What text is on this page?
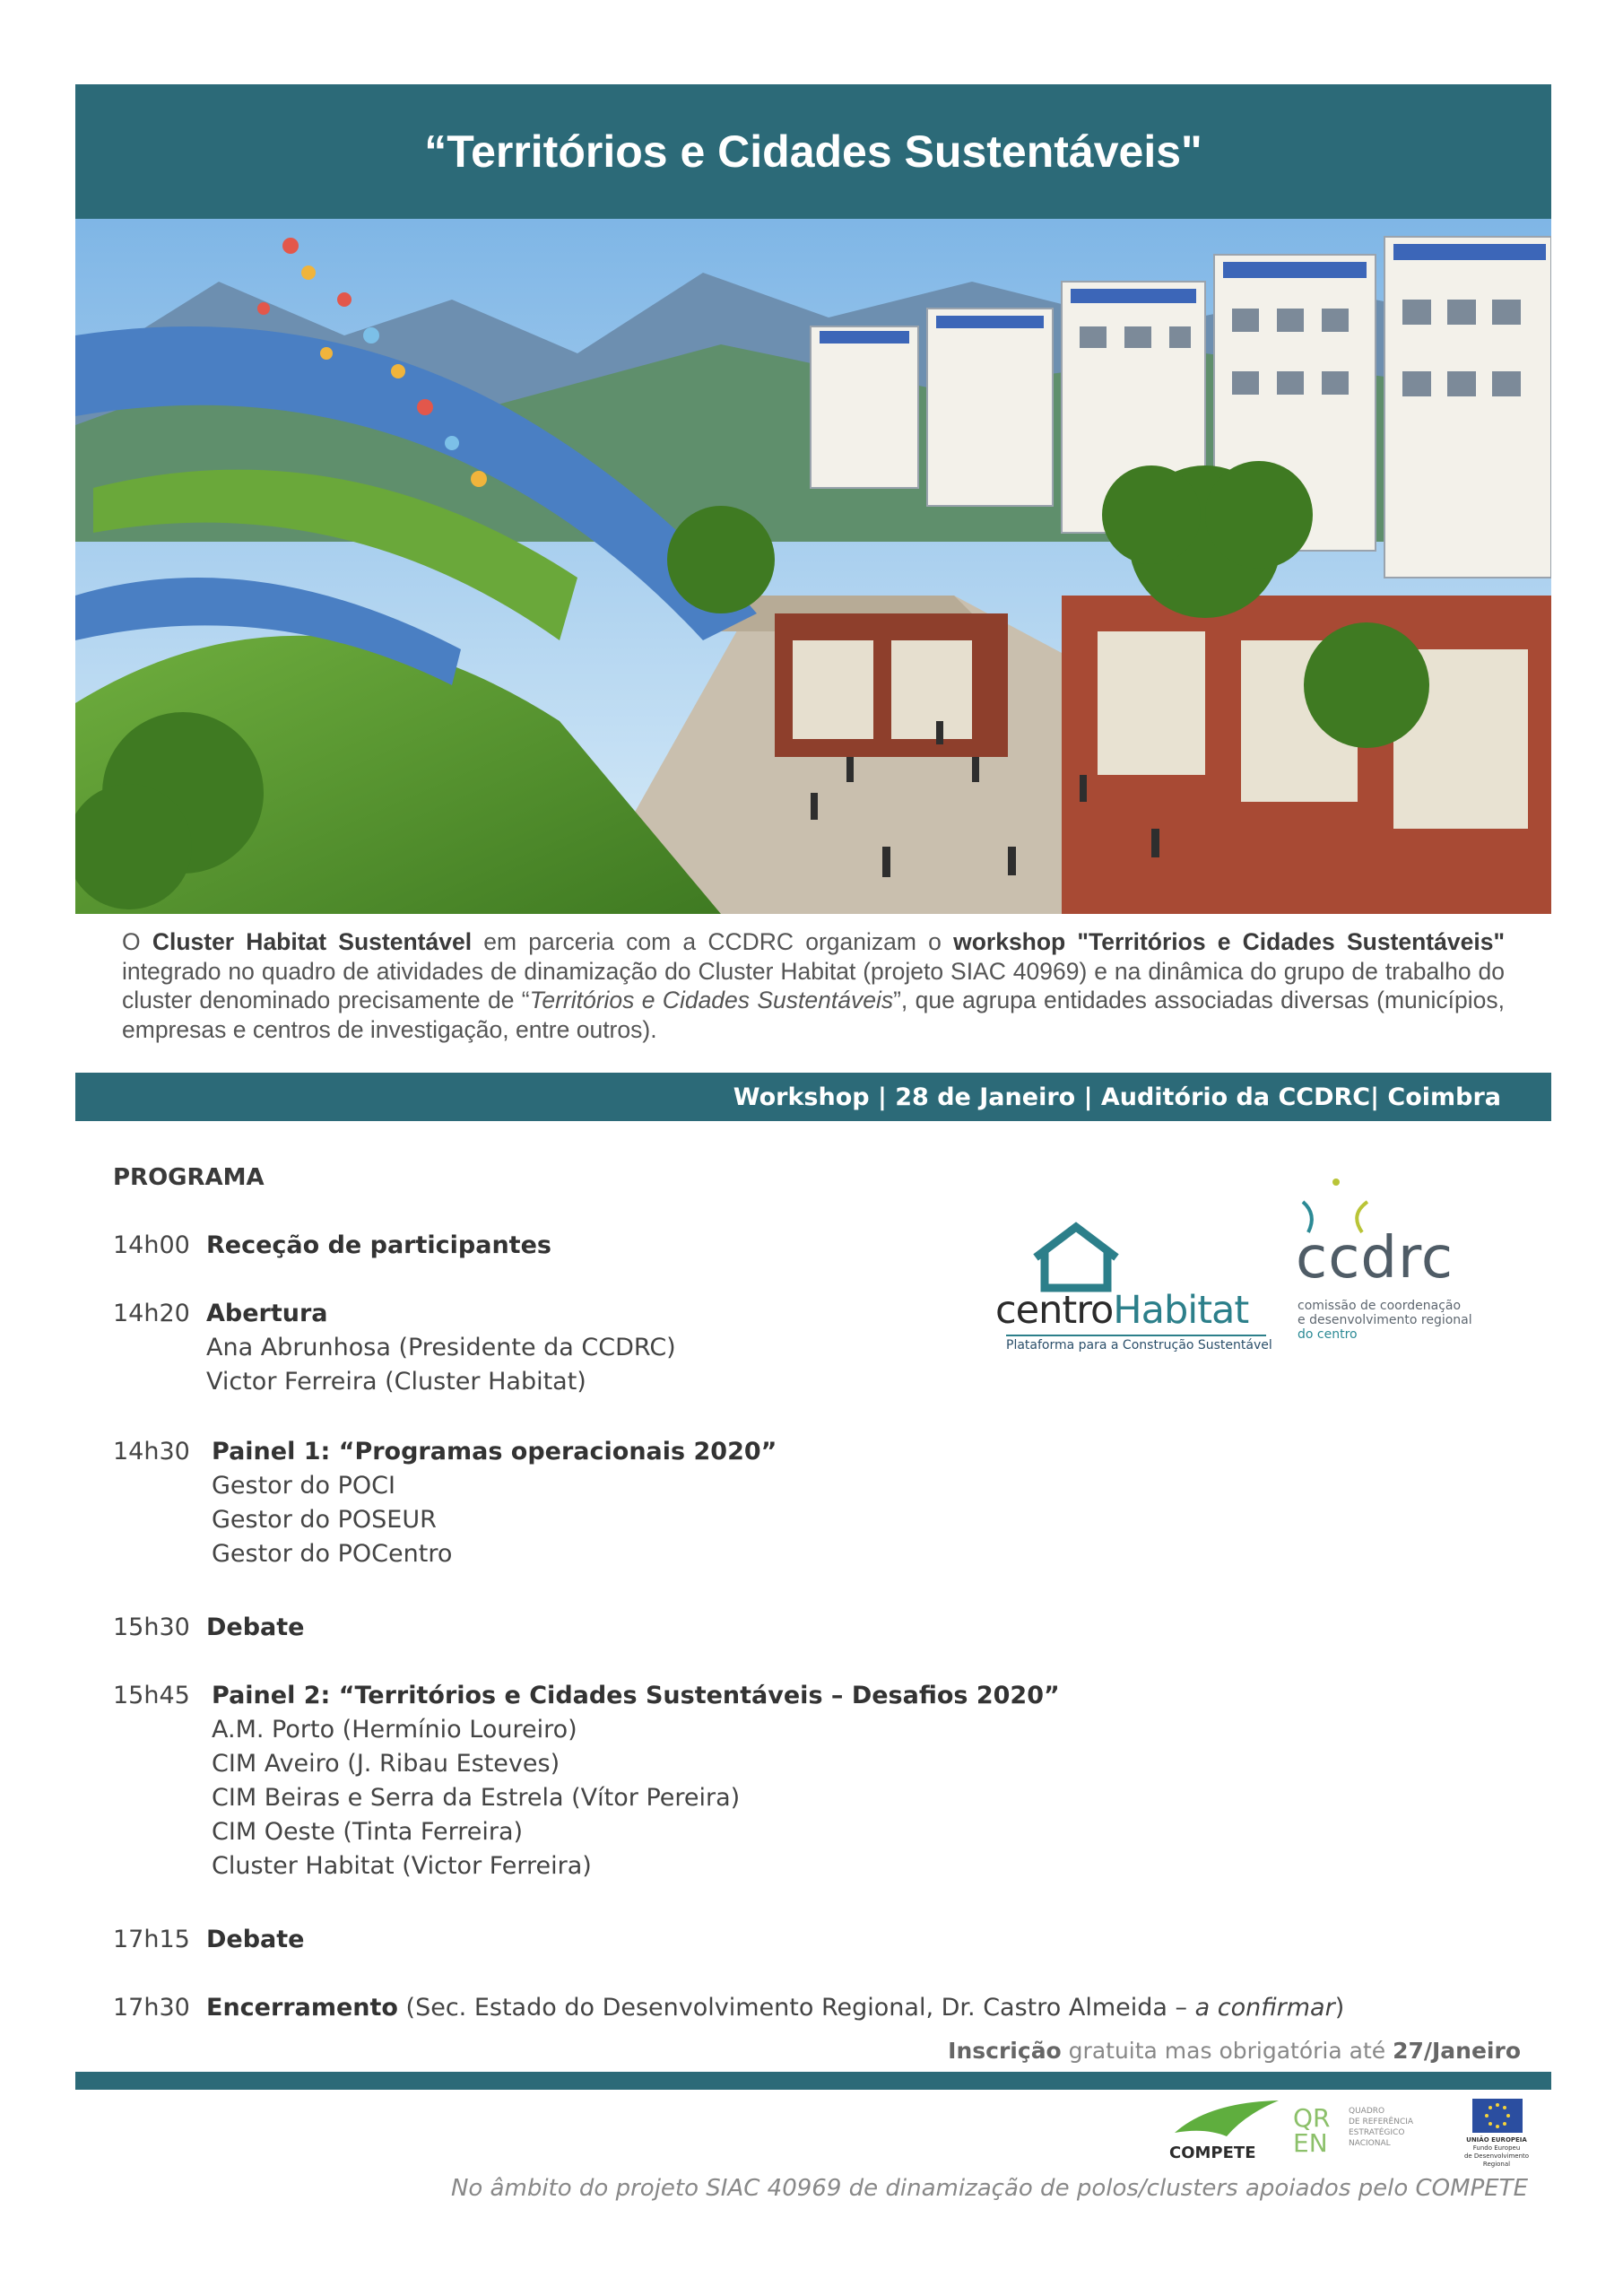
“Territórios e Cidades Sustentáveis"
O Cluster Habitat Sustentável em parceria com a CCDRC organizam o workshop "Territórios e Cidades Sustentáveis" integrado no quadro de atividades de dinamização do Cluster Habitat (projeto SIAC 40969) e na dinâmica do grupo de trabalho do cluster denominado precisamente de “Territórios e Cidades Sustentáveis”, que agrupa entidades associadas diversas (municípios, empresas e centros de investigação, entre outros).
Workshop | 28 de Janeiro | Auditório da CCDRC| Coimbra
PROGRAMA
14h00 Receção de participantes
14h20 Abertura
Ana Abrunhosa (Presidente da CCDRC)
Victor Ferreira (Cluster Habitat)
14h30 Painel 1: “Programas operacionais 2020”
Gestor do POCI
Gestor do POSEUR
Gestor do POCentro
15h30 Debate
15h45 Painel 2: “Territórios e Cidades Sustentáveis – Desafios 2020”
A.M. Porto (Hermínio Loureiro)
CIM Aveiro (J. Ribau Esteves)
CIM Beiras e Serra da Estrela (Vítor Pereira)
CIM Oeste (Tinta Ferreira)
Cluster Habitat (Victor Ferreira)
17h15 Debate
17h30 Encerramento (Sec. Estado do Desenvolvimento Regional, Dr. Castro Almeida – a confirmar)
centroHabitat
Plataforma para a Construção Sustentável
ccdrc
comissão de coordenação
e desenvolvimento regional
do centro
Inscrição gratuita mas obrigatória até 27/Janeiro
COMPETE
QREN
QUADRO
DE REFERÊNCIA
ESTRATÉGICO
NACIONAL	UNIÃO EUROPEIA
Fundo Europeu
de Desenvolvimento Regional
No âmbito do projeto SIAC 40969 de dinamização de polos/clusters apoiados pelo COMPETE
